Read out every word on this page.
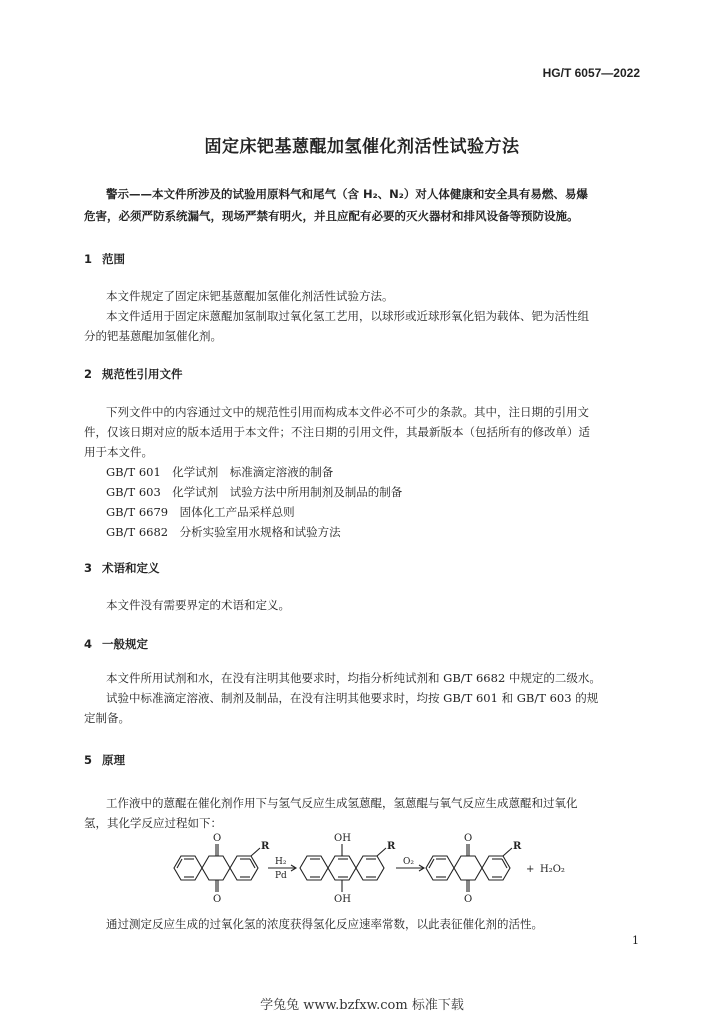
HG/T 6057—2022
固定床钯基蒽醌加氢催化剂活性试验方法

警示——本文件所涉及的试验用原料气和尾气（含 H₂、N₂）对人体健康和安全具有易燃、易爆

危害，必须严防系统漏气，现场严禁有明火，并且应配有必要的灭火器材和排风设备等预防设施。

1 范围

本文件规定了固定床钯基蒽醌加氢催化剂活性试验方法。

本文件适用于固定床蒽醌加氢制取过氧化氢工艺用，以球形或近球形氧化铝为载体、钯为活性组

分的钯基蒽醌加氢催化剂。

2 规范性引用文件

下列文件中的内容通过文中的规范性引用而构成本文件必不可少的条款。其中，注日期的引用文

件，仅该日期对应的版本适用于本文件；不注日期的引用文件，其最新版本（包括所有的修改单）适

用于本文件。

GB/T 601　化学试剂　标准滴定溶液的制备

GB/T 603　化学试剂　试验方法中所用制剂及制品的制备

GB/T 6679　固体化工产品采样总则

GB/T 6682　分析实验室用水规格和试验方法

3 术语和定义

本文件没有需要界定的术语和定义。

4 一般规定

本文件所用试剂和水，在没有注明其他要求时，均指分析纯试剂和 GB/T 6682 中规定的二级水。

试验中标准滴定溶液、制剂及制品，在没有注明其他要求时，均按 GB/T 601 和 GB/T 603 的规

定制备。

5 原理

工作液中的蒽醌在催化剂作用下与氢气反应生成氢蒽醌，氢蒽醌与氧气反应生成蒽醌和过氧化

氢，其化学反应过程如下：

O
O
R
H₂
Pd
OH
OH
R
O₂
O
O
R
+ H₂O₂

通过测定反应生成的过氧化氢的浓度获得氢化反应速率常数，以此表征催化剂的活性。

1
学兔兔 www.bzfxw.com 标准下载
